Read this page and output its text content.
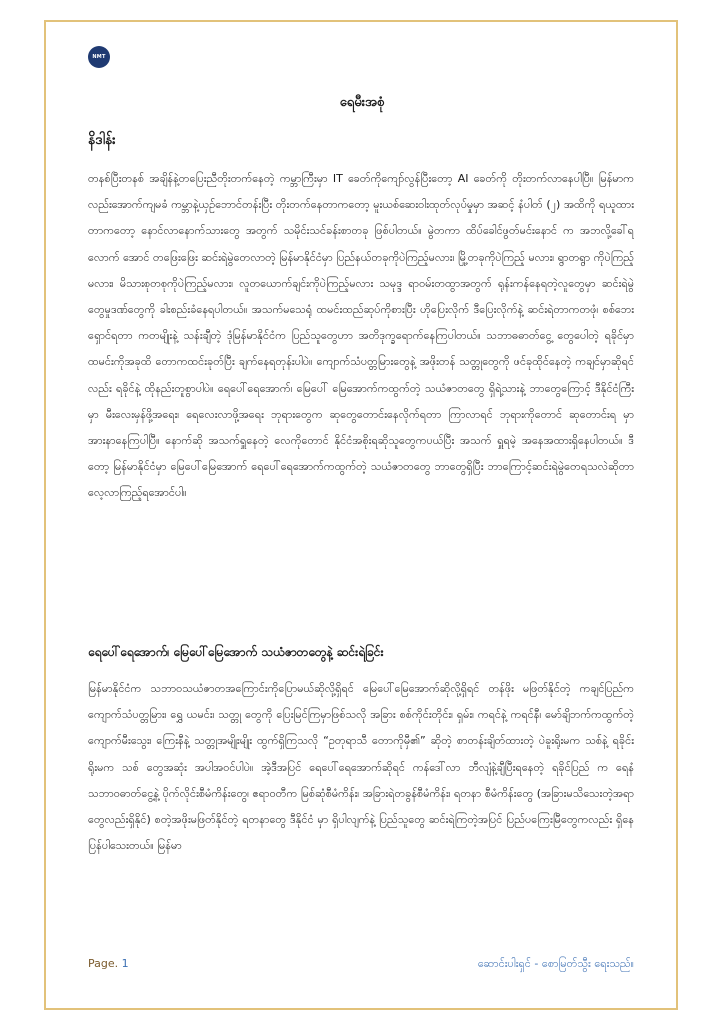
NMT
ရေမီးအစုံ
နိဒါန်း

တနစ်ပြီးတနစ် အချိန်နဲ့တပြေးညီတိုးတက်နေတဲ့ ကမ္ဘာကြီးမှာ IT ခေတ်ကိုကျော်လွန်ပြီးတော့ AI ခေတ်ကို တိုးတက်လာနေပါပြီ။ မြန်မာကလည်းအောက်ကျမခံ ကမ္ဘာနဲ့ယှဉ်ဘောင်တန်းပြီး တိုးတက်နေတာကတော့ မူးယစ်ဆေးဝါးထုတ်လုပ်မှုမှာ အဆင့် နံပါတ် (၂) အထိကို ရယူထားတာကတော့ နောင်လာနောက်သားတွေ အတွက် သမိုင်းသင်ခန်းစာတခု ဖြစ်ပါတယ်။ မွဲတကာ ထိပ်ခေါင်ဖွတ်မင်းနောင် က အဘလို့ခေါ်ရလောက် အောင် တဖြေးဖြေး ဆင်းရဲမွဲတေလာတဲ့ မြန်မာနိုင်ငံမှာ ပြည်နယ်တခုကိုပဲကြည့်မလား၊ မြို့တခုကိုပဲကြည့် မလား၊ ရွာတရွာ ကိုပဲကြည့်မလား၊ မိသားစုတစုကိုပဲကြည့်မလား၊ လူတယောက်ချင်းကိုပဲကြည့်မလား သမုဒ္ဒ ရာဝမ်းတထွာအတွက် ရုန်းကန်နေရတဲ့လူတွေမှာ ဆင်းရဲမွဲတွေမှုဒဏ်တွေကို ခါးစည်းခံနေရပါတယ်။ အသက်မသေရုံ ထမင်းထည်ဆုပ်ကိုစားပြီး ဟိုပြေးလိုက် ဒီပြေးလိုက်နဲ့ ဆင်းရဲတာကတဖုံ၊ စစ်ဘေးရှောင်ရတာ ကတမျိုးနဲ့ သန်းချီတဲ့ ဒုံမြန်မာနိုင်ငံက ပြည်သူတွေဟာ အတိဒုက္ခရောက်နေကြပါတယ်။ သဘာဓဓာတ်ငွေ့ တွေပေါတဲ့ ရခိုင်မှာ ထမင်းကိုအခုထိ တောကထင်းခုတ်ပြီး ချက်နေရတုန်းပါပဲ။ ကျောက်သံပတ္တမြားတွေနဲ့ အဖိုးတန် သတ္တုတွေကို ဖင်ခုထိုင်နေတဲ့ ကချင်မှာဆိုရင်လည်း ရခိုင်နဲ့ ထိုနည်းတူစွာပါပဲ။ ရေပေါ်ရေအောက်၊ မြေပေါ် မြေအောက်ကထွက်တဲ့ သယံဇာတတွေ ရှိရဲ့သားနဲ့ ဘာတွေကြောင့် ဒီနိုင်ငံကြီးမှာ မီးလေးမှန်ဖို့အရေး၊ ရေလေးလာဖို့အရေး ဘုရားတွေက ဆုတွေတောင်းနေလိုက်ရတာ ကြာလာရင် ဘုရားကိုတောင် ဆုတောင်းရ မှာ အားနာနေကြပါပြီ။ နောက်ဆို အသက်ရှူနေတဲ့ လေကိုတောင် နိုင်ငံအစိုးရဆိုသူတွေကပယ်ပြီး အသက် ရှူရမဲ့ အနေအထားရှိနေပါတယ်။ ဒီတော့ မြန်မာနိုင်ငံမှာ မြေပေါ်မြေအောက် ရေပေါ်ရေအောက်ကထွက်တဲ့ သယံဇာတတွေ ဘာတွေရှိပြီး ဘာကြောင့်ဆင်းရဲမွဲတေရသလဲဆိုတာ လေ့လာကြည့်ရအောင်ပါ။

ရေပေါ်ရေအောက်၊ မြေပေါ်မြေအောက် သယံဇာတတွေနဲ့ ဆင်းရဲခြင်း

မြန်မာနိုင်ငံက သဘာဝသယံဇာတအကြောင်းကိုပြောမယ်ဆိုလို့ရှိရင် မြေပေါ်မြေအောက်ဆိုလို့ရှိရင် တန်ဖိုး မဖြတ်နိုင်တဲ့ ကချင်ပြည်က ကျောက်သံပတ္တမြား၊ ရွှေ ယမင်း၊ သတ္တု တွေကို ပြေးမြင်ကြမှာဖြစ်သလို အခြား စစ်ကိုင်းတိုင်း၊ ရှမ်း၊ ကရင်နဲ့ ကရင်နီ၊ မော်ချိဘက်ကထွက်တဲ့ ကျောက်မီးသွေး၊ ကြေးနီနဲ့ သတ္တုအမျိုးမျိုး ထွက်ရှိကြသလို “ဥတုရာသီ တောကိုမှီ၏” ဆိုတဲ့ စာတန်းချိတ်ထားတဲ့ ပဲခူးရိုးမက သစ်နဲ့ ရခိုင်းရိုးမက သစ် တွေအဆုံး အပါအဝင်ပါပဲ။ အဲ့ဒီအပြင် ရေပေါ်ရေအောက်ဆိုရင် ကန်ဒေါ်လာ ဘီလျံနဲ့ချီပြီးရနေတဲ့ ရခိုင်ပြည် က ရေနံသဘာဝဓာတ်ငွေ့နဲ့ ပိုက်လိုင်းစီမံကိန်းတွေ၊ ဧရာဝတီက မြစ်ဆုံစီမံကိန်း၊ အခြားရဲတခွန်စီမံကိန်း၊ ရတနာ စီမံကိန်းတွေ (အခြားမသိသေးတဲ့အရာတွေလည်းရှိနိုင်) စတဲ့အဖိုးမဖြတ်နိုင်တဲ့ ရတနာတွေ ဒီနိုင်ငံ မှာ ရှိပါလျက်နဲ့ ပြည်သူတွေ ဆင်းရဲကြတဲ့အပြင် ပြည်ပကြေးမြီတွေကလည်း ရှိနေပြန်ပါသေးတယ်။ မြန်မာ

Page. 1	ဆောင်းပါးရှင် - စောမြတ်သွီး ရေးသည်။
